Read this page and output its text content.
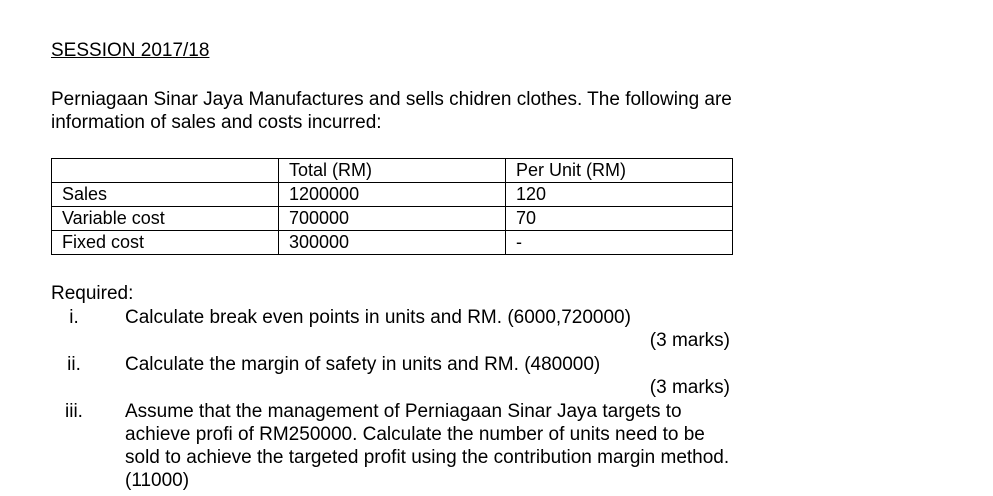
SESSION 2017/18
Perniagaan Sinar Jaya Manufactures and sells chidren clothes. The following are information of sales and costs incurred:
	Total (RM)	Per Unit (RM)
Sales	1200000	120
Variable cost	700000	70
Fixed cost	300000	-
Required:
i.	Calculate break even points in units and RM. (6000,720000)
(3 marks)
ii.	Calculate the margin of safety in units and RM. (480000)
(3 marks)
iii.	Assume that the management of Perniagaan Sinar Jaya targets to achieve profi of RM250000. Calculate the number of units need to be sold to achieve the targeted profit using the contribution margin method. (11000)
